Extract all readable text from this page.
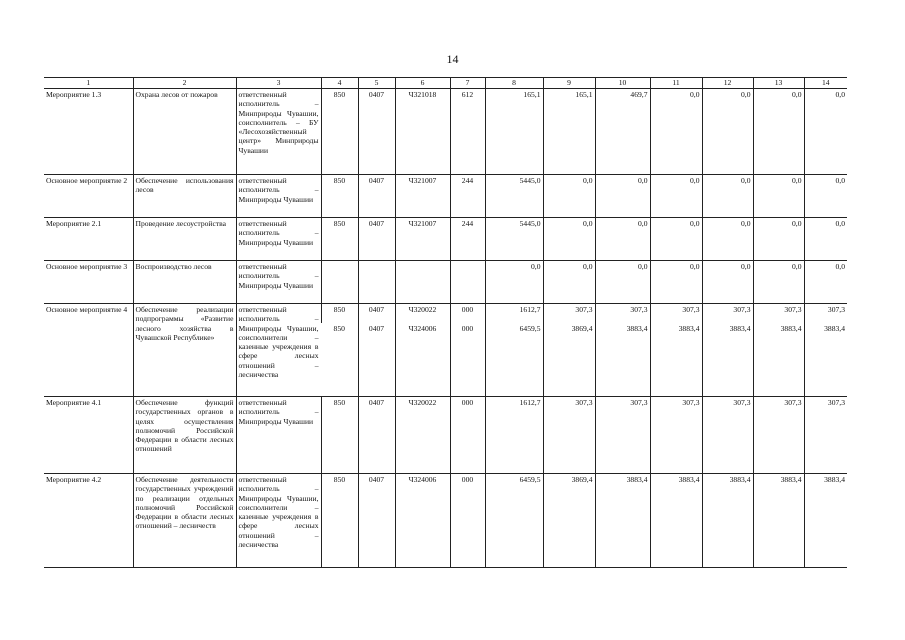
14
1	2	3	4	5	6	7	8	9	10	11	12	13	14
Мероприятие 1.3	Охрана лесов от пожаров	ответственный исполнитель – Минприроды Чувашии, соисполнитель – БУ «Лесохозяйственный центр» Минприроды Чувашии	850	0407	Ч321018	612	165,1	165,1	469,7	0,0	0,0	0,0	0,0
Основное мероприятие 2	Обеспечение использования лесов	ответственный исполнитель – Минприроды Чувашии	850	0407	Ч321007	244	5445,0	0,0	0,0	0,0	0,0	0,0	0,0
Мероприятие 2.1	Проведение лесоустройства	ответственный исполнитель – Минприроды Чувашии	850	0407	Ч321007	244	5445,0	0,0	0,0	0,0	0,0	0,0	0,0
Основное мероприятие 3	Воспроизводство лесов	ответственный исполнитель – Минприроды Чувашии					0,0	0,0	0,0	0,0	0,0	0,0	0,0
Основное мероприятие 4	Обеспечение реализации подпрограммы «Развитие лесного хозяйства в Чувашской Республике»	ответственный исполнитель – Минприроды Чувашии, соисполнители – казенные учреждения в сфере лесных отношений – лесничества	850	0407	Ч320022	000	1612,7	307,3	307,3	307,3	307,3	307,3	307,3
			850	0407	Ч324006	000	6459,5	3869,4	3883,4	3883,4	3883,4	3883,4	3883,4
Мероприятие 4.1	Обеспечение функций государственных органов в целях осуществления полномочий Российской Федерации в области лесных отношений	ответственный исполнитель – Минприроды Чувашии	850	0407	Ч320022	000	1612,7	307,3	307,3	307,3	307,3	307,3	307,3
Мероприятие 4.2	Обеспечение деятельности государственных учреждений по реализации отдельных полномочий Российской Федерации в области лесных отношений – лесничеств	ответственный исполнитель – Минприроды Чувашии, соисполнители – казенные учреждения в сфере лесных отношений – лесничества	850	0407	Ч324006	000	6459,5	3869,4	3883,4	3883,4	3883,4	3883,4	3883,4
